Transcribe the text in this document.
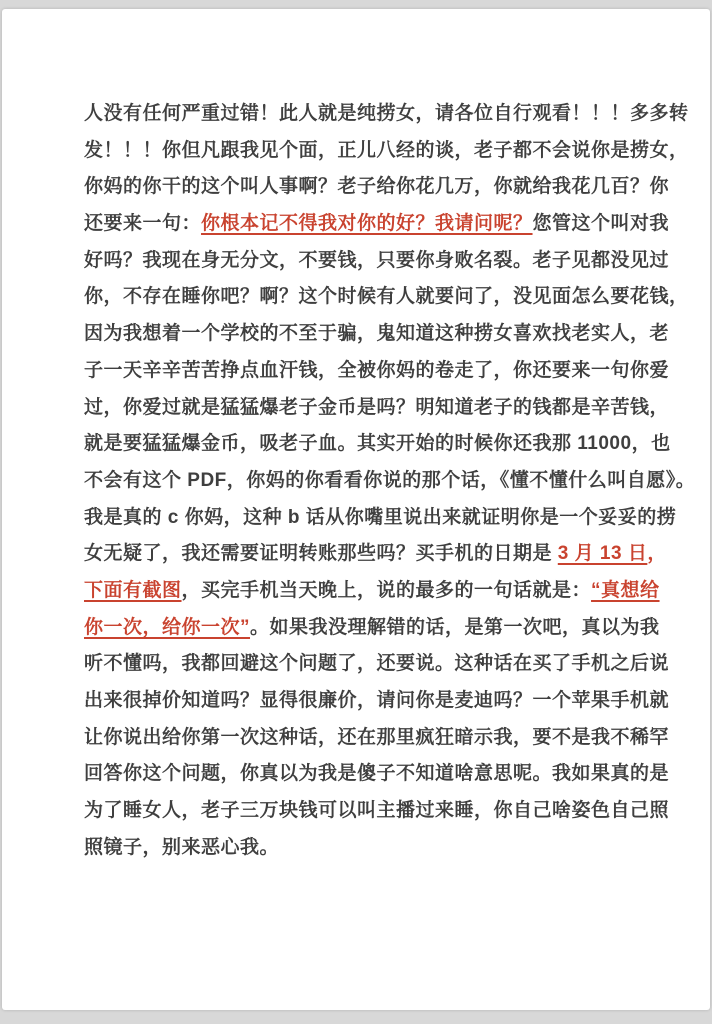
人没有任何严重过错！此人就是纯捞女，请各位自行观看！！！多多转
发！！！你但凡跟我见个面，正儿八经的谈，老子都不会说你是捞女，
你妈的你干的这个叫人事啊？老子给你花几万，你就给我花几百？你
还要来一句：你根本记不得我对你的好？我请问呢？您管这个叫对我
好吗？我现在身无分文，不要钱，只要你身败名裂。老子见都没见过
你，不存在睡你吧？啊？这个时候有人就要问了，没见面怎么要花钱，
因为我想着一个学校的不至于骗，鬼知道这种捞女喜欢找老实人，老
子一天辛辛苦苦挣点血汗钱，全被你妈的卷走了，你还要来一句你爱
过，你爱过就是猛猛爆老子金币是吗？明知道老子的钱都是辛苦钱，
就是要猛猛爆金币，吸老子血。其实开始的时候你还我那 11000，也
不会有这个 PDF，你妈的你看看你说的那个话，《懂不懂什么叫自愿》。
我是真的 c 你妈，这种 b 话从你嘴里说出来就证明你是一个妥妥的捞
女无疑了，我还需要证明转账那些吗？买手机的日期是 3 月 13 日，
下面有截图，买完手机当天晚上，说的最多的一句话就是：“真想给
你一次，给你一次”。如果我没理解错的话，是第一次吧，真以为我
听不懂吗，我都回避这个问题了，还要说。这种话在买了手机之后说
出来很掉价知道吗？显得很廉价，请问你是麦迪吗？一个苹果手机就
让你说出给你第一次这种话，还在那里疯狂暗示我，要不是我不稀罕
回答你这个问题，你真以为我是傻子不知道啥意思呢。我如果真的是
为了睡女人，老子三万块钱可以叫主播过来睡，你自己啥姿色自己照
照镜子，别来恶心我。
